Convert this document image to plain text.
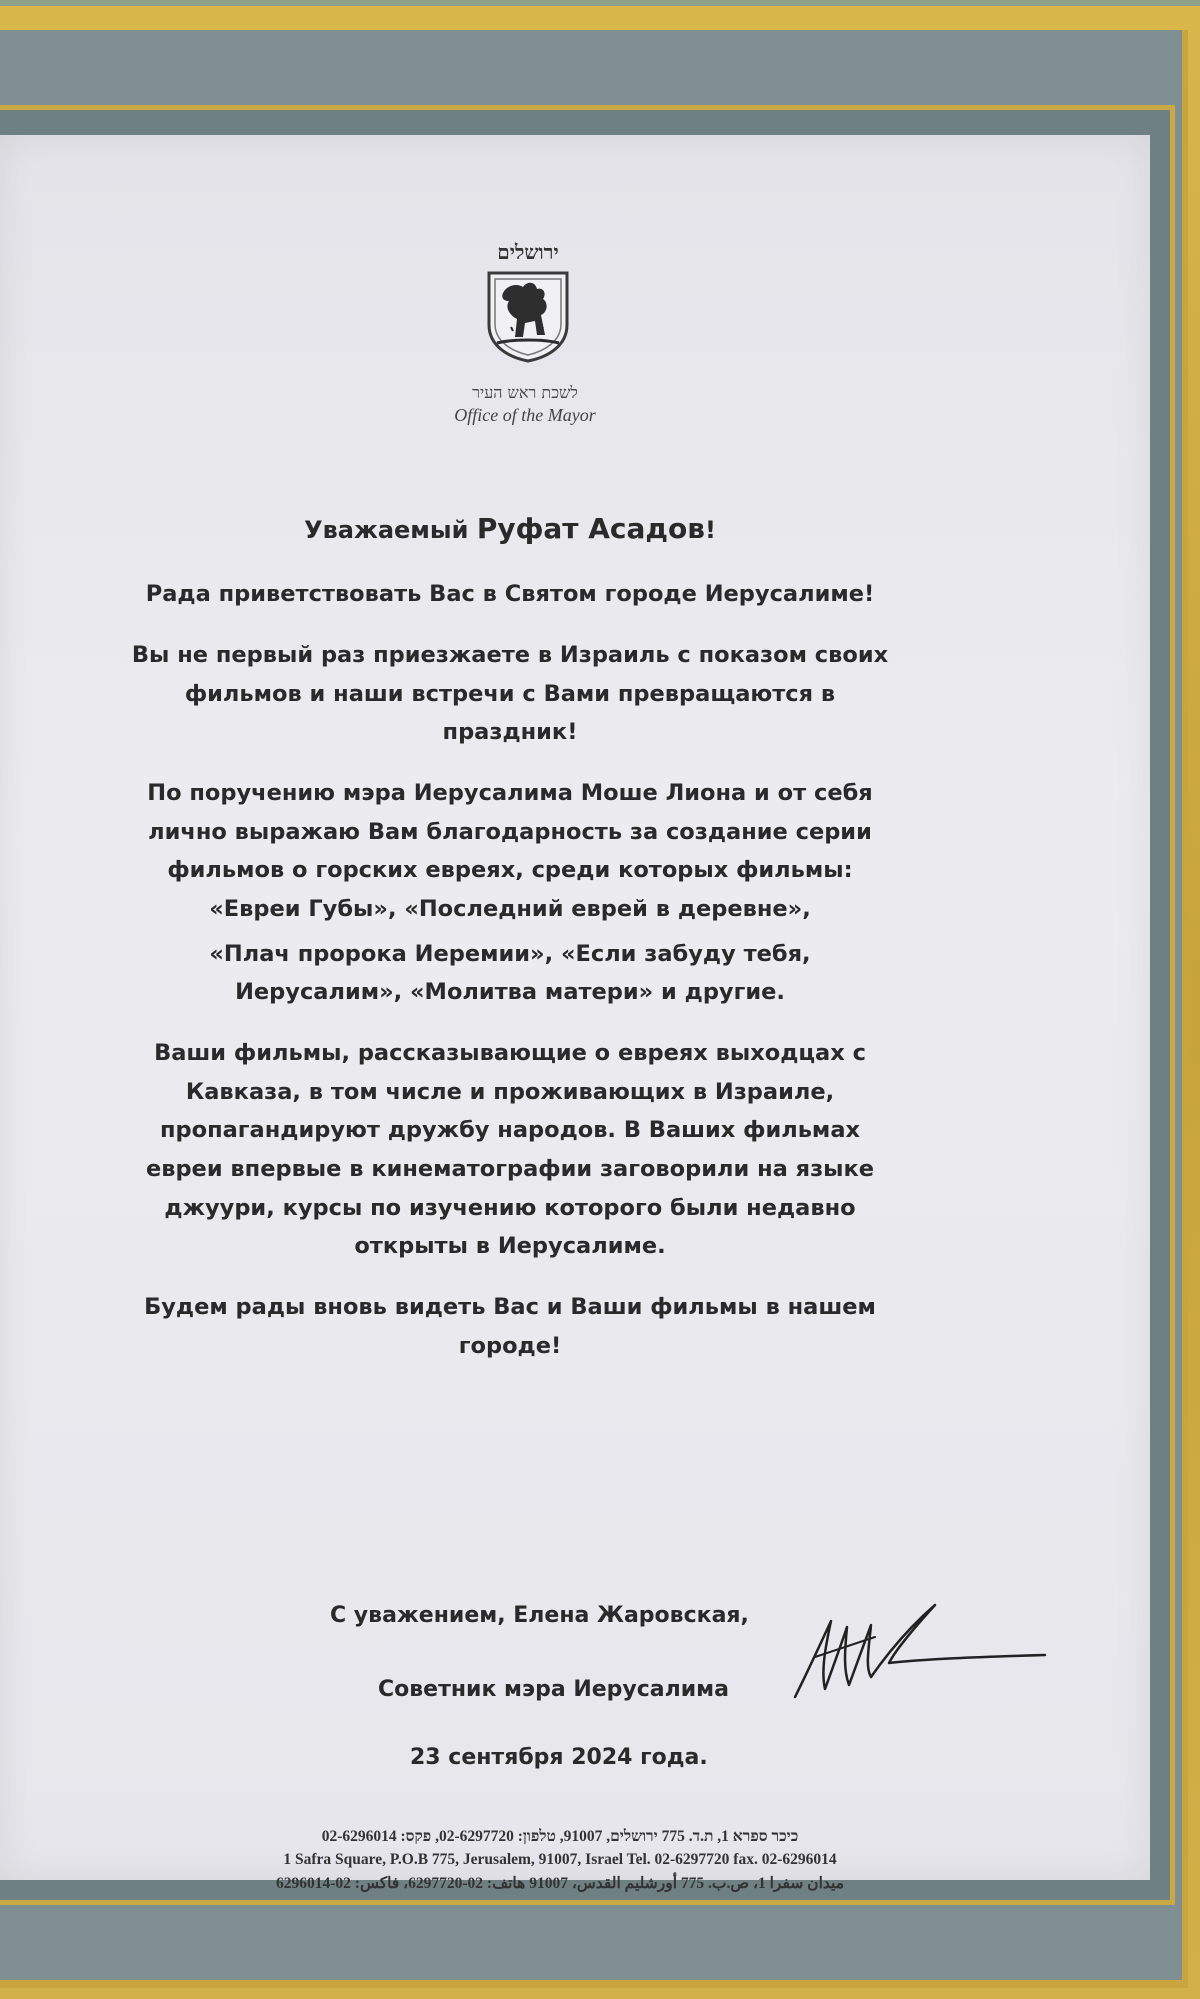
ירושלים
לשכת ראש העיר
Office of the Mayor

Уважаемый Руфат Асадов!

Рада приветствовать Вас в Святом городе Иерусалиме!

Вы не первый раз приезжаете в Израиль с показом своих фильмов и наши встречи с Вами превращаются в праздник!

По поручению мэра Иерусалима Моше Лиона и от себя лично выражаю Вам благодарность за создание серии фильмов о горских евреях, среди которых фильмы: «Евреи Губы», «Последний еврей в деревне»,

«Плач пророка Иеремии», «Если забуду тебя, Иерусалим», «Молитва матери» и другие.

Ваши фильмы, рассказывающие о евреях выходцах с Кавказа, в том числе и проживающих в Израиле, пропагандируют дружбу народов. В Ваших фильмах евреи впервые в кинематографии заговорили на языке джуури, курсы по изучению которого были недавно открыты в Иерусалиме.

Будем рады вновь видеть Вас и Ваши фильмы в нашем городе!

С уважением, Елена Жаровская,
Советник мэра Иерусалима
23 сентября 2024 года.
כיכר ספרא 1, ת.ד. 775 ירושלים, 91007, טלפון: 02-6297720, פקס: 02-6296014
1 Safra Square, P.O.B 775, Jerusalem, 91007, Israel Tel. 02-6297720 fax. 02-6296014
ميدان سفرا 1، ص.ب. 775 أورشليم القدس، 91007 هاتف: 02-6297720، فاكس: 02-6296014
